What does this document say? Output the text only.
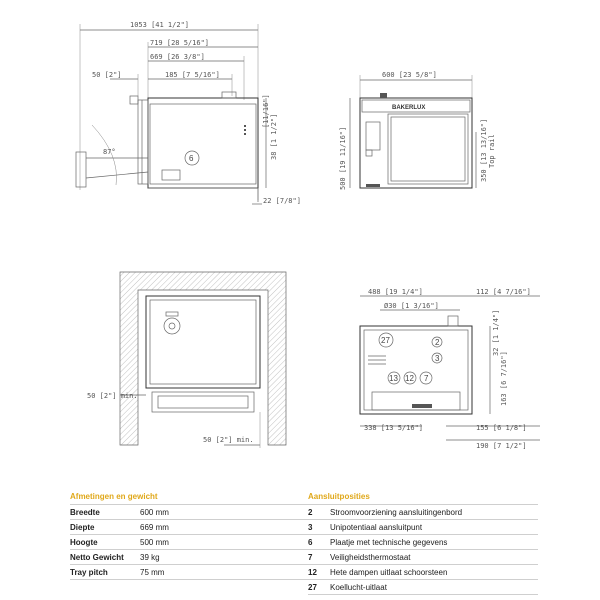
1053 [41 1/2"]
719 [28 5/16"]
669 [26 3/8"]
50 [2"]	185 [7 5/16"]
87°
6	38 [1 1/2"]
[11/16"]
22 [7/8"]
600 [23 5/8"]
500 [19 11/16"]
BAKERLUX
350 [13 13/16"] Top rail
50 [2"] min.
50 [2"] min.
488 [19 1/4"]	112 [4 7/16"]
Ø30 [1 3/16"]
27	2
3
13 12 7
32 [1 1/4"]
163 [6 7/16"]
338 [13 5/16"]	155 [6 1/8"]
190 [7 1/2"]
Afmetingen en gewicht	
Breedte	600 mm
Diepte	669 mm
Hoogte	500 mm
Netto Gewicht	39 kg
Tray pitch	75 mm
Aansluitposities	
2	Stroomvoorziening aansluitingenbord
3	Unipotentiaal aansluitpunt
6	Plaatje met technische gegevens
7	Veiligheidsthermostaat
12	Hete dampen uitlaat schoorsteen
27	Koellucht-uitlaat
